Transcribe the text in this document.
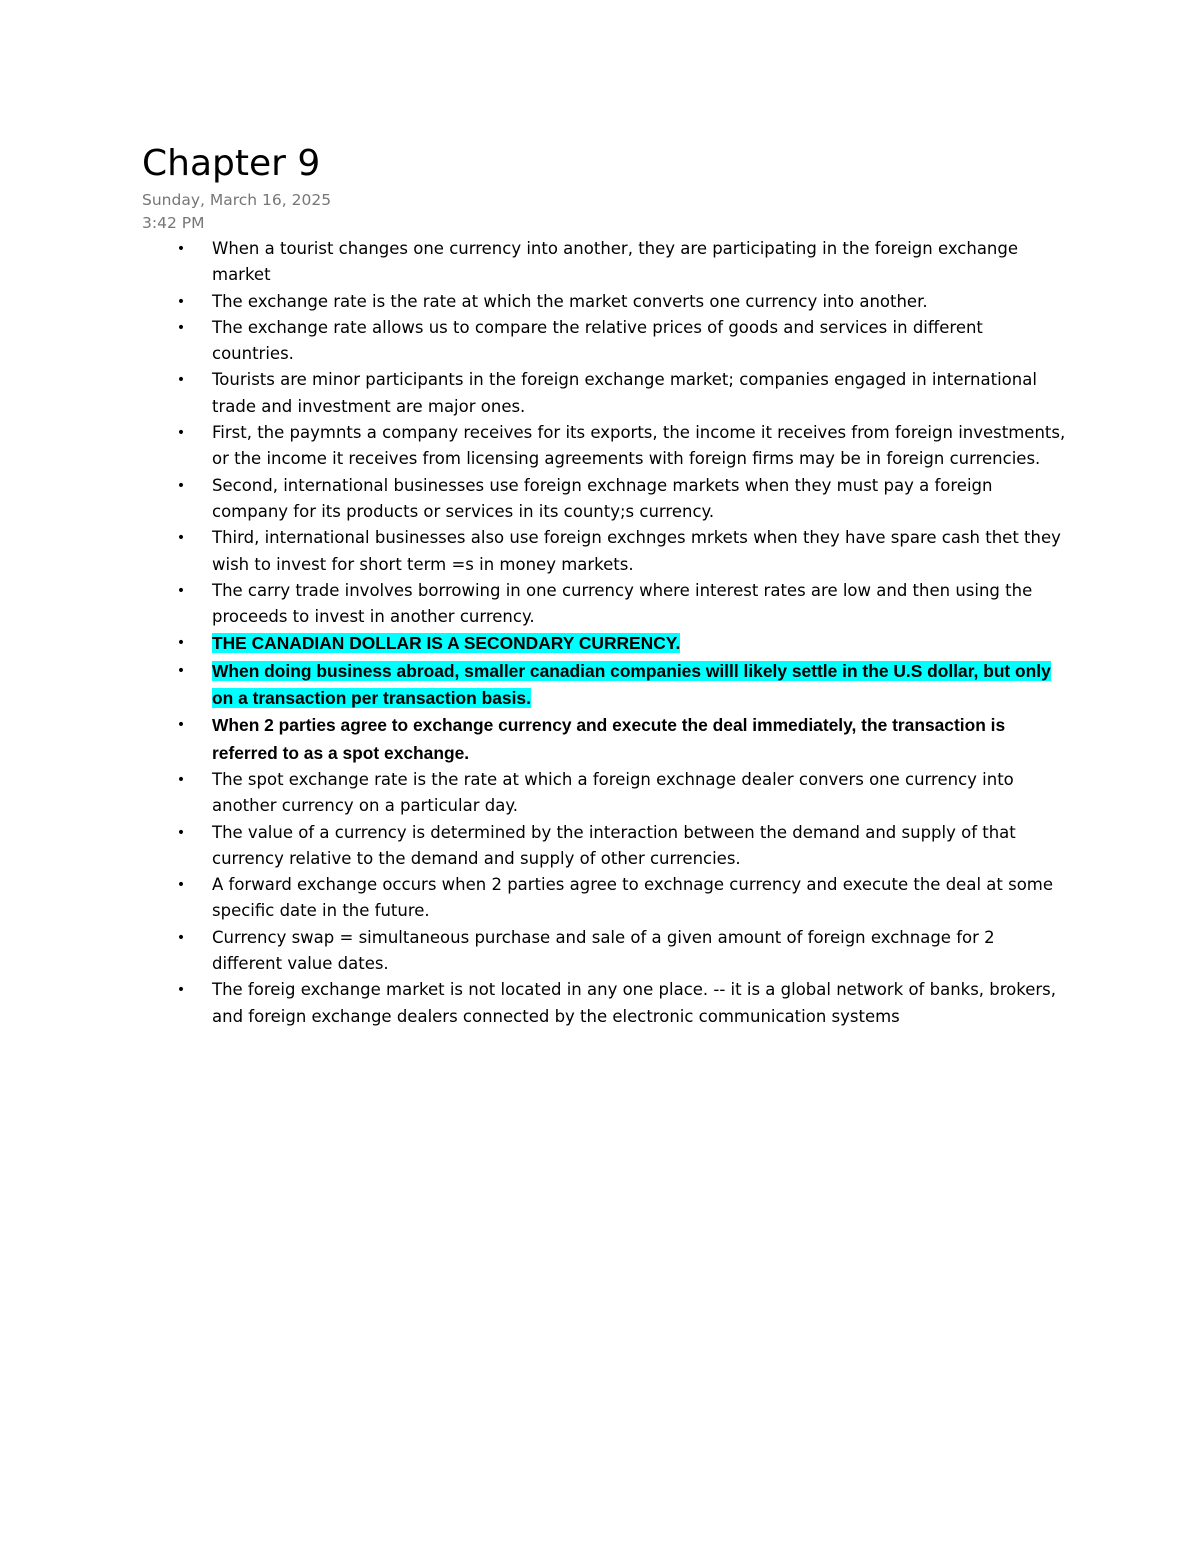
Chapter 9
Sunday, March 16, 2025
3:42 PM
• When a tourist changes one currency into another, they are participating in the foreign exchange market
• The exchange rate is the rate at which the market converts one currency into another.
• The exchange rate allows us to compare the relative prices of goods and services in different countries.
• Tourists are minor participants in the foreign exchange market; companies engaged in international trade and investment are major ones.
• First, the paymnts a company receives for its exports, the income it receives from foreign investments, or the income it receives from licensing agreements with foreign firms may be in foreign currencies.
• Second, international businesses use foreign exchnage markets when they must pay a foreign company for its products or services in its county;s currency.
• Third, international businesses also use foreign exchnges mrkets when they have spare cash thet they wish to invest for short term =s in money markets.
• The carry trade involves borrowing in one currency where interest rates are low and then using the proceeds to invest in another currency.
• THE CANADIAN DOLLAR IS A SECONDARY CURRENCY.
• When doing business abroad, smaller canadian companies willl likely settle in the U.S dollar, but only on a transaction per transaction basis.
• When 2 parties agree to exchange currency and execute the deal immediately, the transaction is referred to as a spot exchange.
• The spot exchange rate is the rate at which a foreign exchnage dealer convers one currency into another currency on a particular day.
• The value of a currency is determined by the interaction between the demand and supply of that currency relative to the demand and supply of other currencies.
• A forward exchange occurs when 2 parties agree to exchnage currency and execute the deal at some specific date in the future.
• Currency swap = simultaneous purchase and sale of a given amount of foreign exchnage for 2 different value dates.
• The foreig exchange market is not located in any one place. -- it is a global network of banks, brokers, and foreign exchange dealers connected by the electronic communication systems
